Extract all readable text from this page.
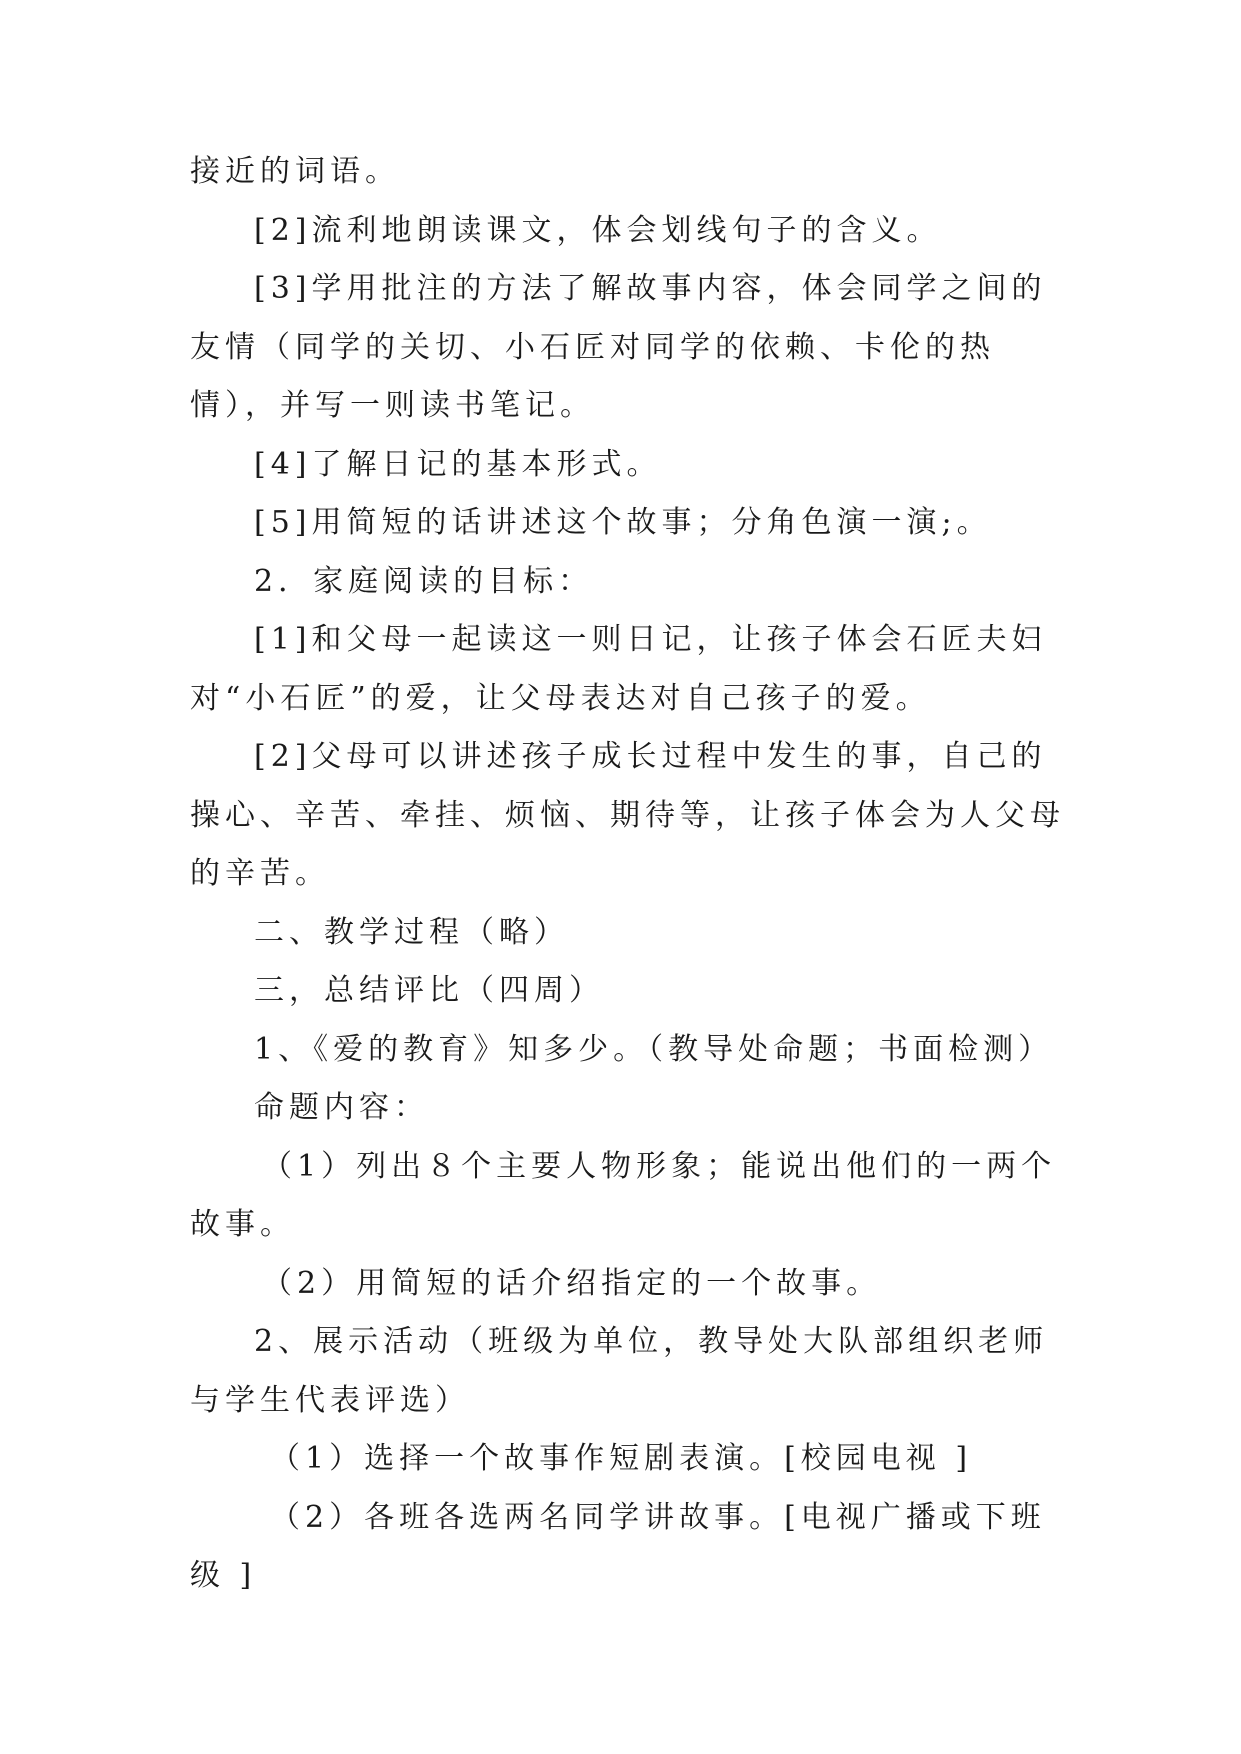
接近的词语。

[2]流利地朗读课文，体会划线句子的含义。

[3]学用批注的方法了解故事内容，体会同学之间的友情（同学的关切、小石匠对同学的依赖、卡伦的热情），并写一则读书笔记。

[4]了解日记的基本形式。

[5]用简短的话讲述这个故事；分角色演一演;。

2．家庭阅读的目标：

[1]和父母一起读这一则日记，让孩子体会石匠夫妇对“小石匠”的爱，让父母表达对自己孩子的爱。

[2]父母可以讲述孩子成长过程中发生的事，自己的操心、辛苦、牵挂、烦恼、期待等，让孩子体会为人父母的辛苦。

二、教学过程（略）

三，总结评比（四周）

1、《爱的教育》知多少。（教导处命题；书面检测）

命题内容：

（1）列出８个主要人物形象；能说出他们的一两个故事。

（2）用简短的话介绍指定的一个故事。

2、展示活动（班级为单位，教导处大队部组织老师与学生代表评选）

（1）选择一个故事作短剧表演。[校园电视 ]

（2）各班各选两名同学讲故事。[电视广播或下班级 ]
